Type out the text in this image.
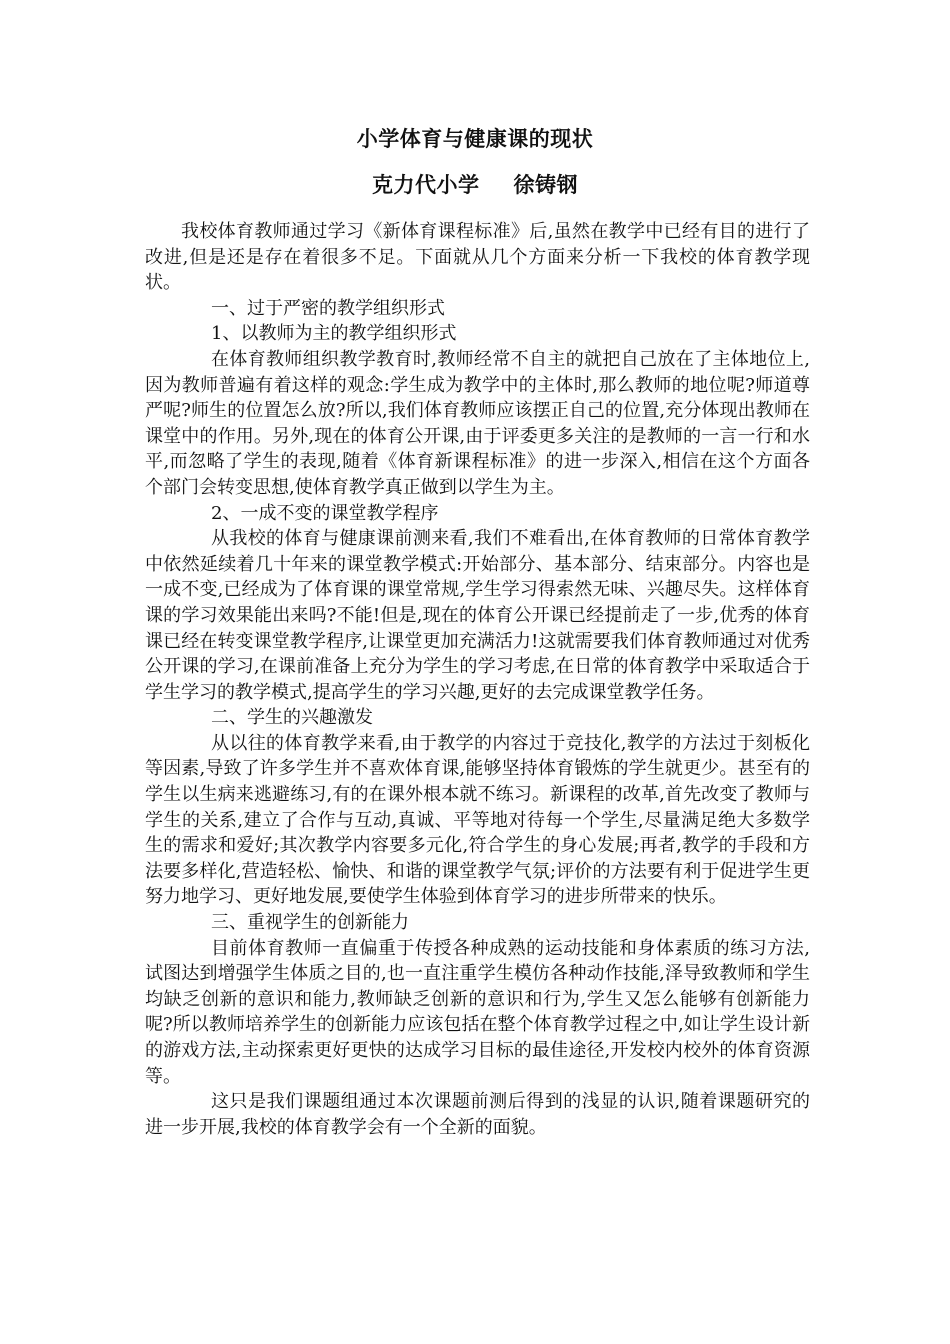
小学体育与健康课的现状
克力代小学 徐铸钢

我校体育教师通过学习《新体育课程标准》后,虽然在教学中已经有目的进行了改进,但是还是存在着很多不足。下面就从几个方面来分析一下我校的体育教学现状。

一、过于严密的教学组织形式

1、以教师为主的教学组织形式

在体育教师组织教学教育时,教师经常不自主的就把自己放在了主体地位上,因为教师普遍有着这样的观念:学生成为教学中的主体时,那么教师的地位呢?师道尊严呢?师生的位置怎么放?所以,我们体育教师应该摆正自己的位置,充分体现出教师在课堂中的作用。另外,现在的体育公开课,由于评委更多关注的是教师的一言一行和水平,而忽略了学生的表现,随着《体育新课程标准》的进一步深入,相信在这个方面各个部门会转变思想,使体育教学真正做到以学生为主。

2、一成不变的课堂教学程序

从我校的体育与健康课前测来看,我们不难看出,在体育教师的日常体育教学中依然延续着几十年来的课堂教学模式:开始部分、基本部分、结束部分。内容也是一成不变,已经成为了体育课的课堂常规,学生学习得索然无味、兴趣尽失。这样体育课的学习效果能出来吗?不能!但是,现在的体育公开课已经提前走了一步,优秀的体育课已经在转变课堂教学程序,让课堂更加充满活力!这就需要我们体育教师通过对优秀公开课的学习,在课前准备上充分为学生的学习考虑,在日常的体育教学中采取适合于学生学习的教学模式,提高学生的学习兴趣,更好的去完成课堂教学任务。

二、学生的兴趣激发

从以往的体育教学来看,由于教学的内容过于竞技化,教学的方法过于刻板化等因素,导致了许多学生并不喜欢体育课,能够坚持体育锻炼的学生就更少。甚至有的学生以生病来逃避练习,有的在课外根本就不练习。新课程的改革,首先改变了教师与学生的关系,建立了合作与互动,真诚、平等地对待每一个学生,尽量满足绝大多数学生的需求和爱好;其次教学内容要多元化,符合学生的身心发展;再者,教学的手段和方法要多样化,营造轻松、愉快、和谐的课堂教学气氛;评价的方法要有利于促进学生更努力地学习、更好地发展,要使学生体验到体育学习的进步所带来的快乐。

三、重视学生的创新能力

目前体育教师一直偏重于传授各种成熟的运动技能和身体素质的练习方法,试图达到增强学生体质之目的,也一直注重学生模仿各种动作技能,泽导致教师和学生均缺乏创新的意识和能力,教师缺乏创新的意识和行为,学生又怎么能够有创新能力呢?所以教师培养学生的创新能力应该包括在整个体育教学过程之中,如让学生设计新的游戏方法,主动探索更好更快的达成学习目标的最佳途径,开发校内校外的体育资源等。

这只是我们课题组通过本次课题前测后得到的浅显的认识,随着课题研究的进一步开展,我校的体育教学会有一个全新的面貌。
